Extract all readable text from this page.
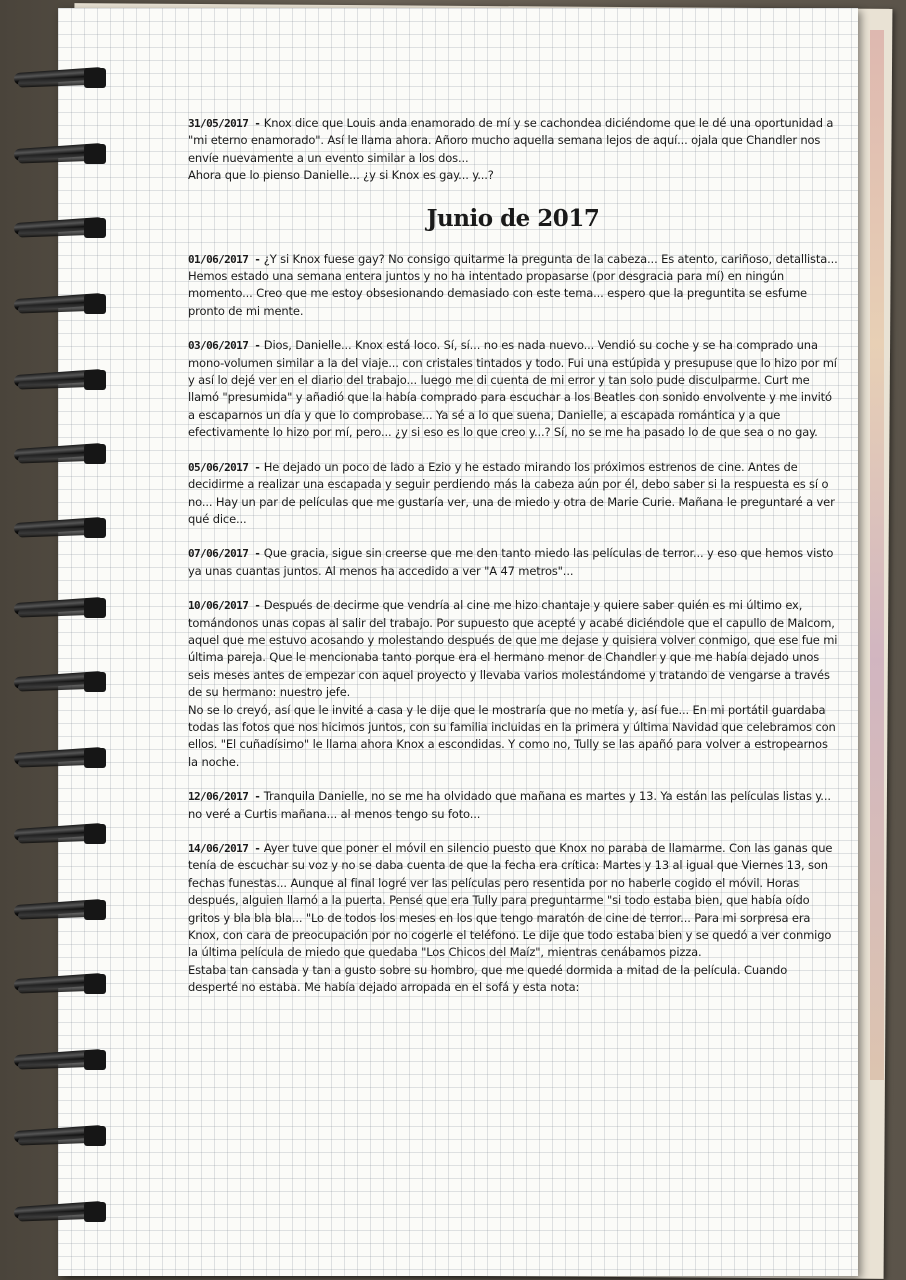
31/05/2017 - Knox dice que Louis anda enamorado de mí y se cachondea diciéndome que le dé una oportunidad a "mi eterno enamorado". Así le llama ahora. Añoro mucho aquella semana lejos de aquí... ojala que Chandler nos envíe nuevamente a un evento similar a los dos...

Ahora que lo pienso Danielle... ¿y si Knox es gay... y...?

Junio de 2017

01/06/2017 - ¿Y si Knox fuese gay? No consigo quitarme la pregunta de la cabeza... Es atento, cariñoso, detallista... Hemos estado una semana entera juntos y no ha intentado propasarse (por desgracia para mí) en ningún momento... Creo que me estoy obsesionando demasiado con este tema... espero que la preguntita se esfume pronto de mi mente.

03/06/2017 - Dios, Danielle... Knox está loco. Sí, sí... no es nada nuevo... Vendió su coche y se ha comprado una mono-volumen similar a la del viaje... con cristales tintados y todo. Fui una estúpida y presupuse que lo hizo por mí y así lo dejé ver en el diario del trabajo... luego me di cuenta de mi error y tan solo pude disculparme. Curt me llamó "presumida" y añadió que la había comprado para escuchar a los Beatles con sonido envolvente y me invitó a escaparnos un día y que lo comprobase... Ya sé a lo que suena, Danielle, a escapada romántica y a que efectivamente lo hizo por mí, pero... ¿y si eso es lo que creo y...? Sí, no se me ha pasado lo de que sea o no gay.

05/06/2017 - He dejado un poco de lado a Ezio y he estado mirando los próximos estrenos de cine. Antes de decidirme a realizar una escapada y seguir perdiendo más la cabeza aún por él, debo saber si la respuesta es sí o no... Hay un par de películas que me gustaría ver, una de miedo y otra de Marie Curie. Mañana le preguntaré a ver qué dice...

07/06/2017 - Que gracia, sigue sin creerse que me den tanto miedo las películas de terror... y eso que hemos visto ya unas cuantas juntos. Al menos ha accedido a ver "A 47 metros"...

10/06/2017 - Después de decirme que vendría al cine me hizo chantaje y quiere saber quién es mi último ex, tomándonos unas copas al salir del trabajo. Por supuesto que acepté y acabé diciéndole que el capullo de Malcom, aquel que me estuvo acosando y molestando después de que me dejase y quisiera volver conmigo, que ese fue mi última pareja. Que le mencionaba tanto porque era el hermano menor de Chandler y que me había dejado unos seis meses antes de empezar con aquel proyecto y llevaba varios molestándome y tratando de vengarse a través de su hermano: nuestro jefe.

No se lo creyó, así que le invité a casa y le dije que le mostraría que no metía y, así fue... En mi portátil guardaba todas las fotos que nos hicimos juntos, con su familia incluidas en la primera y última Navidad que celebramos con ellos. "El cuñadísimo" le llama ahora Knox a escondidas. Y como no, Tully se las apañó para volver a estropearnos la noche.

12/06/2017 - Tranquila Danielle, no se me ha olvidado que mañana es martes y 13. Ya están las películas listas y... no veré a Curtis mañana... al menos tengo su foto...

14/06/2017 - Ayer tuve que poner el móvil en silencio puesto que Knox no paraba de llamarme. Con las ganas que tenía de escuchar su voz y no se daba cuenta de que la fecha era crítica: Martes y 13 al igual que Viernes 13, son fechas funestas... Aunque al final logré ver las películas pero resentida por no haberle cogido el móvil. Horas después, alguien llamó a la puerta. Pensé que era Tully para preguntarme "si todo estaba bien, que había oído gritos y bla bla bla... "Lo de todos los meses en los que tengo maratón de cine de terror... Para mi sorpresa era Knox, con cara de preocupación por no cogerle el teléfono. Le dije que todo estaba bien y se quedó a ver conmigo la última película de miedo que quedaba "Los Chicos del Maíz", mientras cenábamos pizza.

Estaba tan cansada y tan a gusto sobre su hombro, que me quedé dormida a mitad de la película. Cuando desperté no estaba. Me había dejado arropada en el sofá y esta nota:
